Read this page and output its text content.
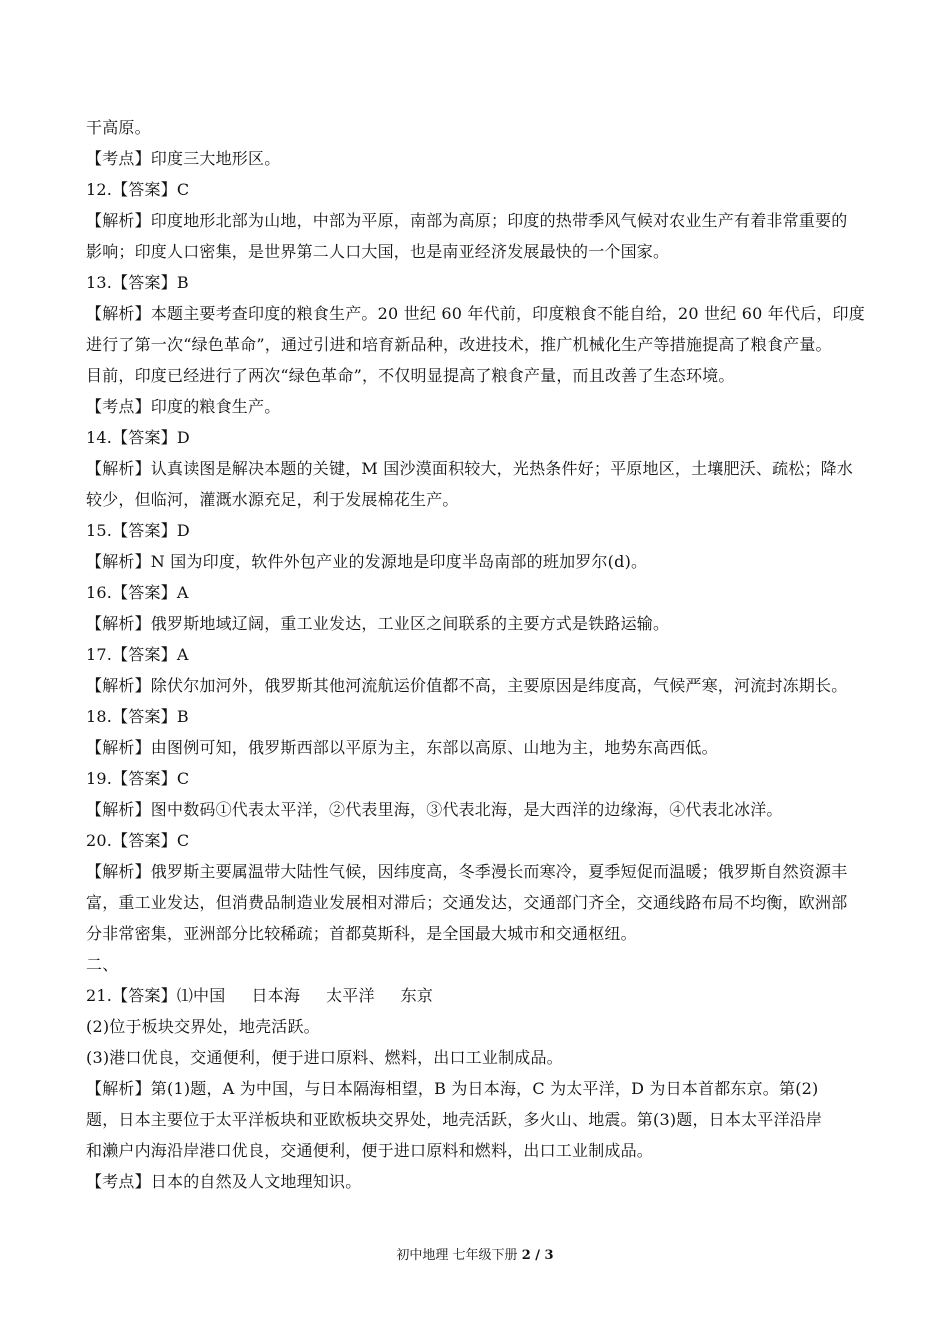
干高原。
【考点】印度三大地形区。
12.【答案】C
【解析】印度地形北部为山地，中部为平原，南部为高原；印度的热带季风气候对农业生产有着非常重要的
影响；印度人口密集，是世界第二人口大国，也是南亚经济发展最快的一个国家。
13.【答案】B
【解析】本题主要考查印度的粮食生产。20 世纪 60 年代前，印度粮食不能自给，20 世纪 60 年代后，印度
进行了第一次“绿色革命”，通过引进和培育新品种，改进技术，推广机械化生产等措施提高了粮食产量。
目前，印度已经进行了两次“绿色革命”，不仅明显提高了粮食产量，而且改善了生态环境。
【考点】印度的粮食生产。
14.【答案】D
【解析】认真读图是解决本题的关键，M 国沙漠面积较大，光热条件好；平原地区，土壤肥沃、疏松；降水
较少，但临河，灌溉水源充足，利于发展棉花生产。
15.【答案】D
【解析】N 国为印度，软件外包产业的发源地是印度半岛南部的班加罗尔(d)。
16.【答案】A
【解析】俄罗斯地域辽阔，重工业发达，工业区之间联系的主要方式是铁路运输。
17.【答案】A
【解析】除伏尔加河外，俄罗斯其他河流航运价值都不高，主要原因是纬度高，气候严寒，河流封冻期长。
18.【答案】B
【解析】由图例可知，俄罗斯西部以平原为主，东部以高原、山地为主，地势东高西低。
19.【答案】C
【解析】图中数码①代表太平洋，②代表里海，③代表北海，是大西洋的边缘海，④代表北冰洋。
20.【答案】C
【解析】俄罗斯主要属温带大陆性气候，因纬度高，冬季漫长而寒冷，夏季短促而温暖；俄罗斯自然资源丰
富，重工业发达，但消费品制造业发展相对滞后；交通发达，交通部门齐全，交通线路布局不均衡，欧洲部
分非常密集，亚洲部分比较稀疏；首都莫斯科，是全国最大城市和交通枢纽。
二、
21.【答案】⑴中国 日本海 太平洋 东京
(2)位于板块交界处，地壳活跃。
(3)港口优良，交通便利，便于进口原料、燃料，出口工业制成品。
【解析】第(1)题，A 为中国，与日本隔海相望，B 为日本海，C 为太平洋，D 为日本首都东京。第(2)
题，日本主要位于太平洋板块和亚欧板块交界处，地壳活跃，多火山、地震。第(3)题，日本太平洋沿岸
和濑户内海沿岸港口优良，交通便利，便于进口原料和燃料，出口工业制成品。
【考点】日本的自然及人文地理知识。
初中地理 七年级下册 2 / 3
